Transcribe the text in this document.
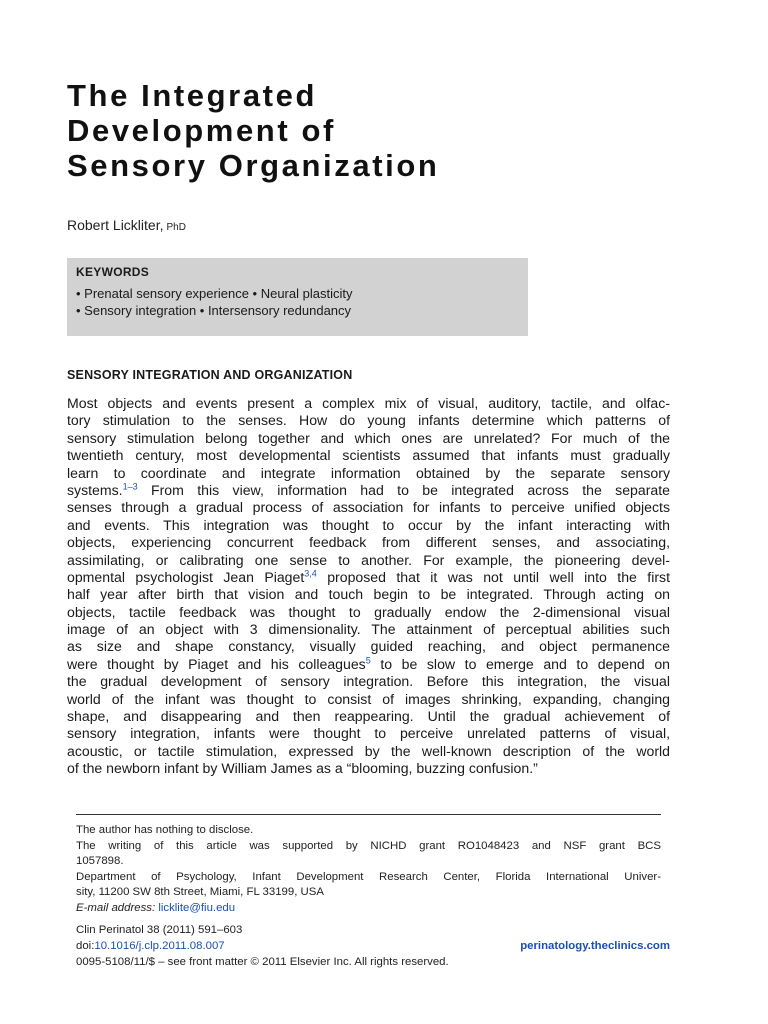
The Integrated
Development of
Sensory Organization
Robert Lickliter, PhD
KEYWORDS
• Prenatal sensory experience • Neural plasticity
• Sensory integration • Intersensory redundancy
SENSORY INTEGRATION AND ORGANIZATION
Most objects and events present a complex mix of visual, auditory, tactile, and olfac-
tory stimulation to the senses. How do young infants determine which patterns of
sensory stimulation belong together and which ones are unrelated? For much of the
twentieth century, most developmental scientists assumed that infants must gradually
learn to coordinate and integrate information obtained by the separate sensory
systems.$^{1-3}$ From this view, information had to be integrated across the separate
senses through a gradual process of association for infants to perceive unified objects
and events. This integration was thought to occur by the infant interacting with
objects, experiencing concurrent feedback from different senses, and associating,
assimilating, or calibrating one sense to another. For example, the pioneering devel-
opmental psychologist Jean Piaget$^{3,4}$ proposed that it was not until well into the first
half year after birth that vision and touch begin to be integrated. Through acting on
objects, tactile feedback was thought to gradually endow the 2-dimensional visual
image of an object with 3 dimensionality. The attainment of perceptual abilities such
as size and shape constancy, visually guided reaching, and object permanence
were thought by Piaget and his colleagues$^5$ to be slow to emerge and to depend on
the gradual development of sensory integration. Before this integration, the visual
world of the infant was thought to consist of images shrinking, expanding, changing
shape, and disappearing and then reappearing. Until the gradual achievement of
sensory integration, infants were thought to perceive unrelated patterns of visual,
acoustic, or tactile stimulation, expressed by the well-known description of the world
of the newborn infant by William James as a “blooming, buzzing confusion.”
The author has nothing to disclose.
The writing of this article was supported by NICHD grant RO1048423 and NSF grant BCS
1057898.
Department of Psychology, Infant Development Research Center, Florida International Univer-
sity, 11200 SW 8th Street, Miami, FL 33199, USA
E-mail address: licklite@fiu.edu
Clin Perinatol 38 (2011) 591–603
doi:10.1016/j.clp.2011.08.007	perinatology.theclinics.com
0095-5108/11/$ – see front matter © 2011 Elsevier Inc. All rights reserved.
